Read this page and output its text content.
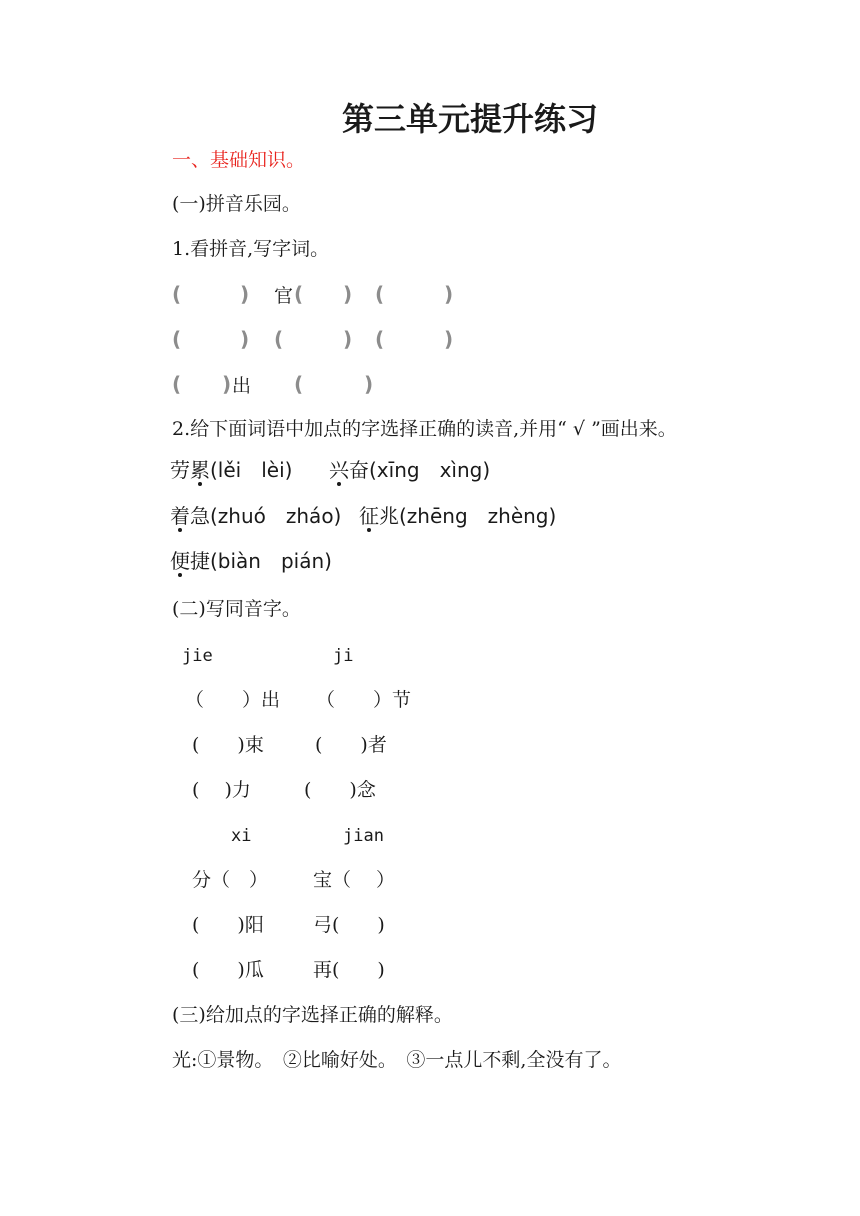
第三单元提升练习
一、基础知识。
(一)拼音乐园。
1.看拼音,写字词。
(	) 官 ( ) (	)
(	) (	) (	)
( ) 出 (	)
2.给下面词语中加点的字选择正确的读音,并用“ √ ”画出来。
劳累(lěi　lèi) 兴奋(xīng　xìng)
着急(zhuó　zháo) 征兆(zhēng　zhèng)
便捷(biàn　pián)
(二)写同音字。
jie	ji
（　　）出 （　　）节
(　　)束	(　　)者
(　 )力	(　　)念
xi	jian
分（　） 宝（　 ）
(　　)阳	弓(　　)
(　　)瓜	再(　　)
(三)给加点的字选择正确的解释。
光:①景物。　②比喻好处。　③一点儿不剩,全没有了。
